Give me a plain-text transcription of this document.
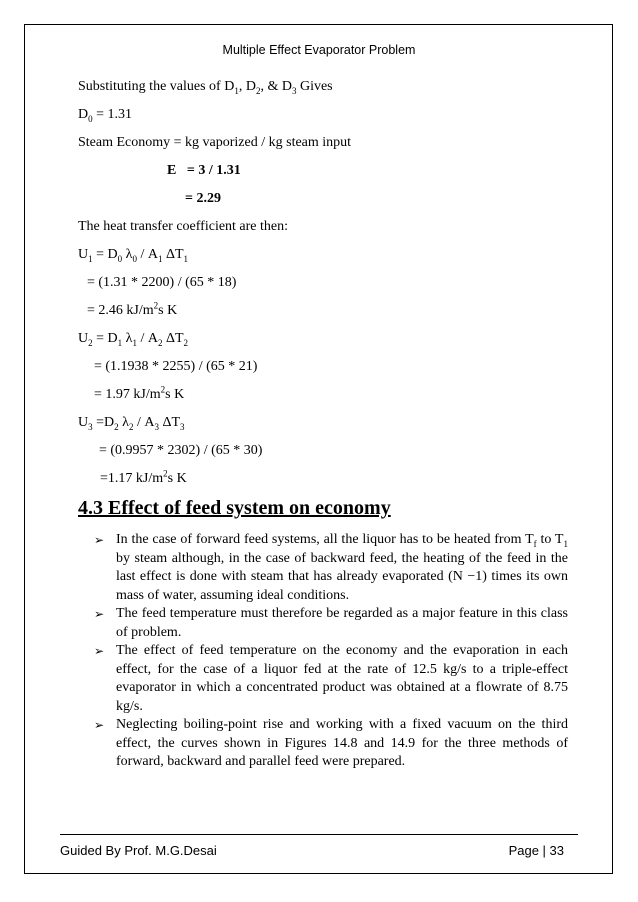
Multiple Effect Evaporator Problem
Substituting the values of $D_1$, $D_2$, & $D_3$ Gives
$D_0 = 1.31$
Steam Economy = kg vaporized / kg steam input
E   = 3 / 1.31
= 2.29
The heat transfer coefficient are then:
$U_1 = D_0$ $\lambda_0 / A_1$ $\Delta T_1$
= (1.31 * 2200) / (65 * 18)
= 2.46 $kJ/m^2s$ K
$U_2 = D_1$ $\lambda_1 / A_2$ $\Delta T_2$
= (1.1938 * 2255) / (65 * 21)
= 1.97 $kJ/m^2s$ K
$U_3 =D_2$ $\lambda_2 / A_3$ $\Delta T_3$
= (0.9957 * 2302) / (65 * 30)
=1.17 $kJ/m^2s$ K
4.3 Effect of feed system on economy
➢ In the case of forward feed systems, all the liquor has to be heated from $T_f$ to $T_1$ by steam although, in the case of backward feed, the heating of the feed in the last effect is done with steam that has already evaporated (N −1) times its own mass of water, assuming ideal conditions.
➢ The feed temperature must therefore be regarded as a major feature in this class of problem.
➢ The effect of feed temperature on the economy and the evaporation in each effect, for the case of a liquor fed at the rate of 12.5 kg/s to a triple-effect evaporator in which a concentrated product was obtained at a flowrate of 8.75 kg/s.
➢ Neglecting boiling-point rise and working with a fixed vacuum on the third effect, the curves shown in Figures 14.8 and 14.9 for the three methods of forward, backward and parallel feed were prepared.
Guided By Prof. M.G.Desai	Page | 33
